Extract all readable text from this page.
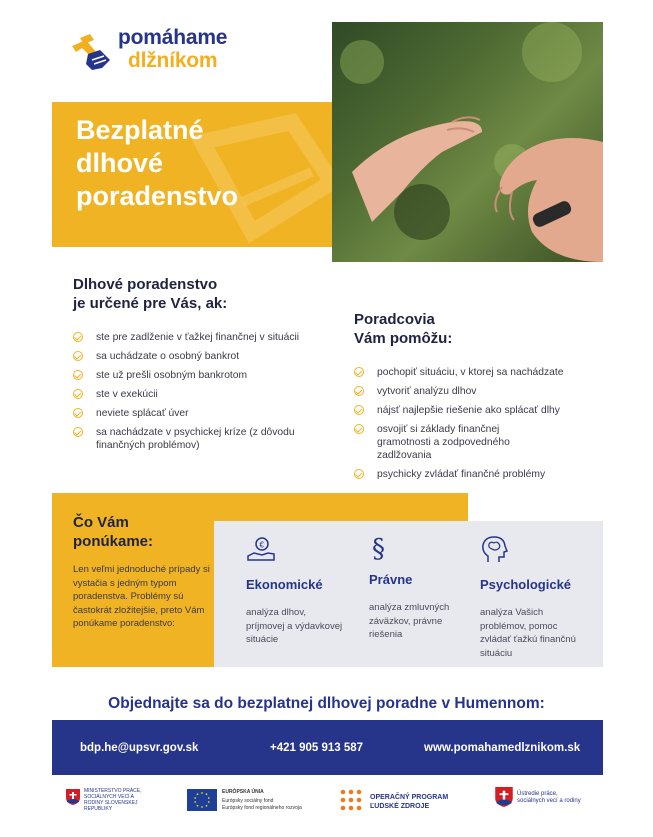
pomáhame
dlžníkom
Bezplatné
dlhové
poradenstvo
Dlhové poradenstvo
je určené pre Vás, ak:
ste pre zadlženie v ťažkej finančnej v situácii
sa uchádzate o osobný bankrot
ste už prešli osobným bankrotom
ste v exekúcii
neviete splácať úver
sa nachádzate v psychickej kríze (z dôvodu finančných problémov)
Poradcovia
Vám pomôžu:
pochopiť situáciu, v ktorej sa nachádzate
vytvoriť analýzu dlhov
nájsť najlepšie riešenie ako splácať dlhy
osvojiť si základy finančnej gramotnosti a zodpovedného zadlžovania
psychicky zvládať finančné problémy
Čo Vám
ponúkame:
Len veľmi jednoduché prípady si vystačia s jedným typom poradenstva. Problémy sú častokrát zložitejšie, preto Vám ponúkame poradenstvo:
€
Ekonomické
analýza dlhov, príjmovej a výdavkovej situácie
§
Právne
analýza zmluvných záväzkov, právne riešenia
Psychologické
analýza Vašich problémov, pomoc zvládať ťažkú finančnú situáciu
Objednajte sa do bezplatnej dlhovej poradne v Humennom:
bdp.he@upsvr.gov.sk	+421 905 913 587	www.pomahamedlznikom.sk
MINISTERSTVO PRÁCE, SOCIÁLNYCH VECÍ A RODINY SLOVENSKEJ REPUBLIKY
EURÓPSKA ÚNIA
Európsky sociálny fond
Európsky fond regionálneho rozvoja
OPERAČNÝ PROGRAM
ĽUDSKÉ ZDROJE
Ústredie práce,
sociálnych vecí a rodiny
